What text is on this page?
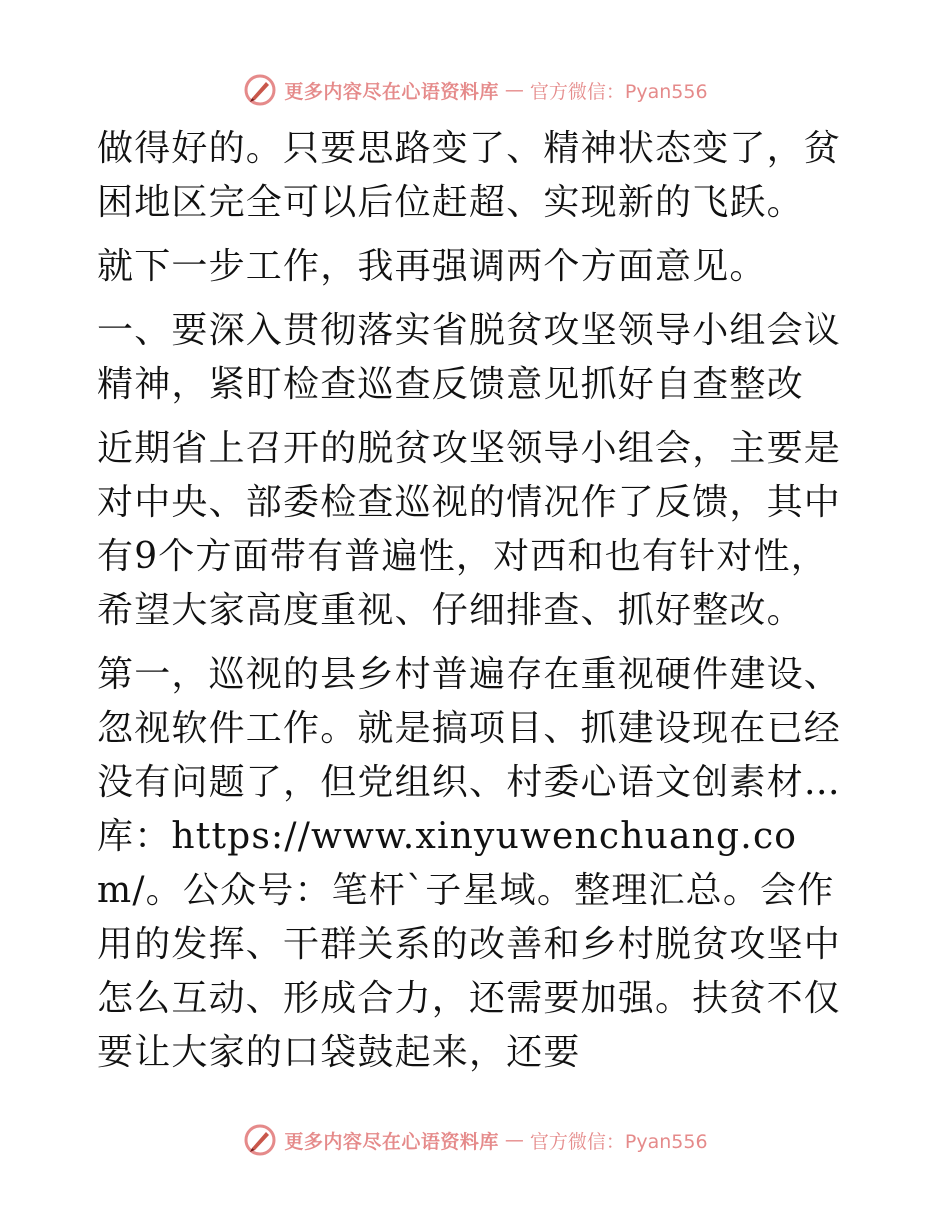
更多内容尽在心语资料库 — 官方微信：Pyan556

做得好的。只要思路变了、精神状态变了，贫困地区完全可以后位赶超、实现新的飞跃。

就下一步工作，我再强调两个方面意见。

一、要深入贯彻落实省脱贫攻坚领导小组会议精神，紧盯检查巡查反馈意见抓好自查整改

近期省上召开的脱贫攻坚领导小组会，主要是对中央、部委检查巡视的情况作了反馈，其中有9个方面带有普遍性，对西和也有针对性，希望大家高度重视、仔细排查、抓好整改。

第一，巡视的县乡村普遍存在重视硬件建设、忽视软件工作。就是搞项目、抓建设现在已经没有问题了，但党组织、村委心语文创素材…库：https://www.xinyuwenchuang.com/。公众号：笔杆`子星域。整理汇总。会作用的发挥、干群关系的改善和乡村脱贫攻坚中怎么互动、形成合力，还需要加强。扶贫不仅要让大家的口袋鼓起来，还要

更多内容尽在心语资料库 — 官方微信：Pyan556
